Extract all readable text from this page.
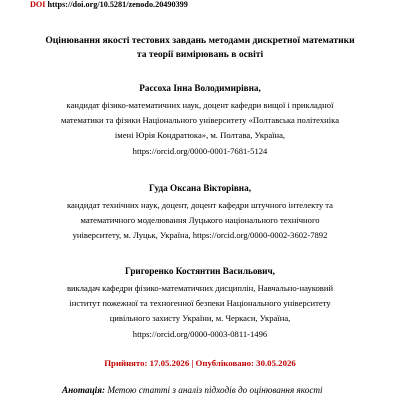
DOI https://doi.org/10.5281/zenodo.20490399
Оцінювання якості тестових завдань методами дискретної математики
та теорії вимірювань в освіті
Рассоха Інна Володимирівна,
кандидат фізико-математичних наук, доцент кафедри вищої і прикладної
математики та фізики Національного університету «Полтавська політехніка
імені Юрія Кондратюка», м. Полтава, Україна,
https://orcid.org/0000-0001-7681-5124
Гуда Оксана Вікторівна,
кандидат технічних наук, доцент, доцент кафедри штучного інтелекту та
математичного моделювання Луцького національного технічного
університету, м. Луцьк, Україна, https://orcid.org/0000-0002-3602-7892
Григоренко Костянтин Васильович,
викладач кафедри фізико-математичних дисциплін, Навчально-науковий
інститут пожежної та техногенної безпеки Національного університету
цивільного захисту України, м. Черкаси, Україна,
https://orcid.org/0000-0003-0811-1496
Прийнято: 17.05.2026 | Опубліковано: 30.05.2026
Анотація: Метою статті з аналіз підходів до оцінювання якості
